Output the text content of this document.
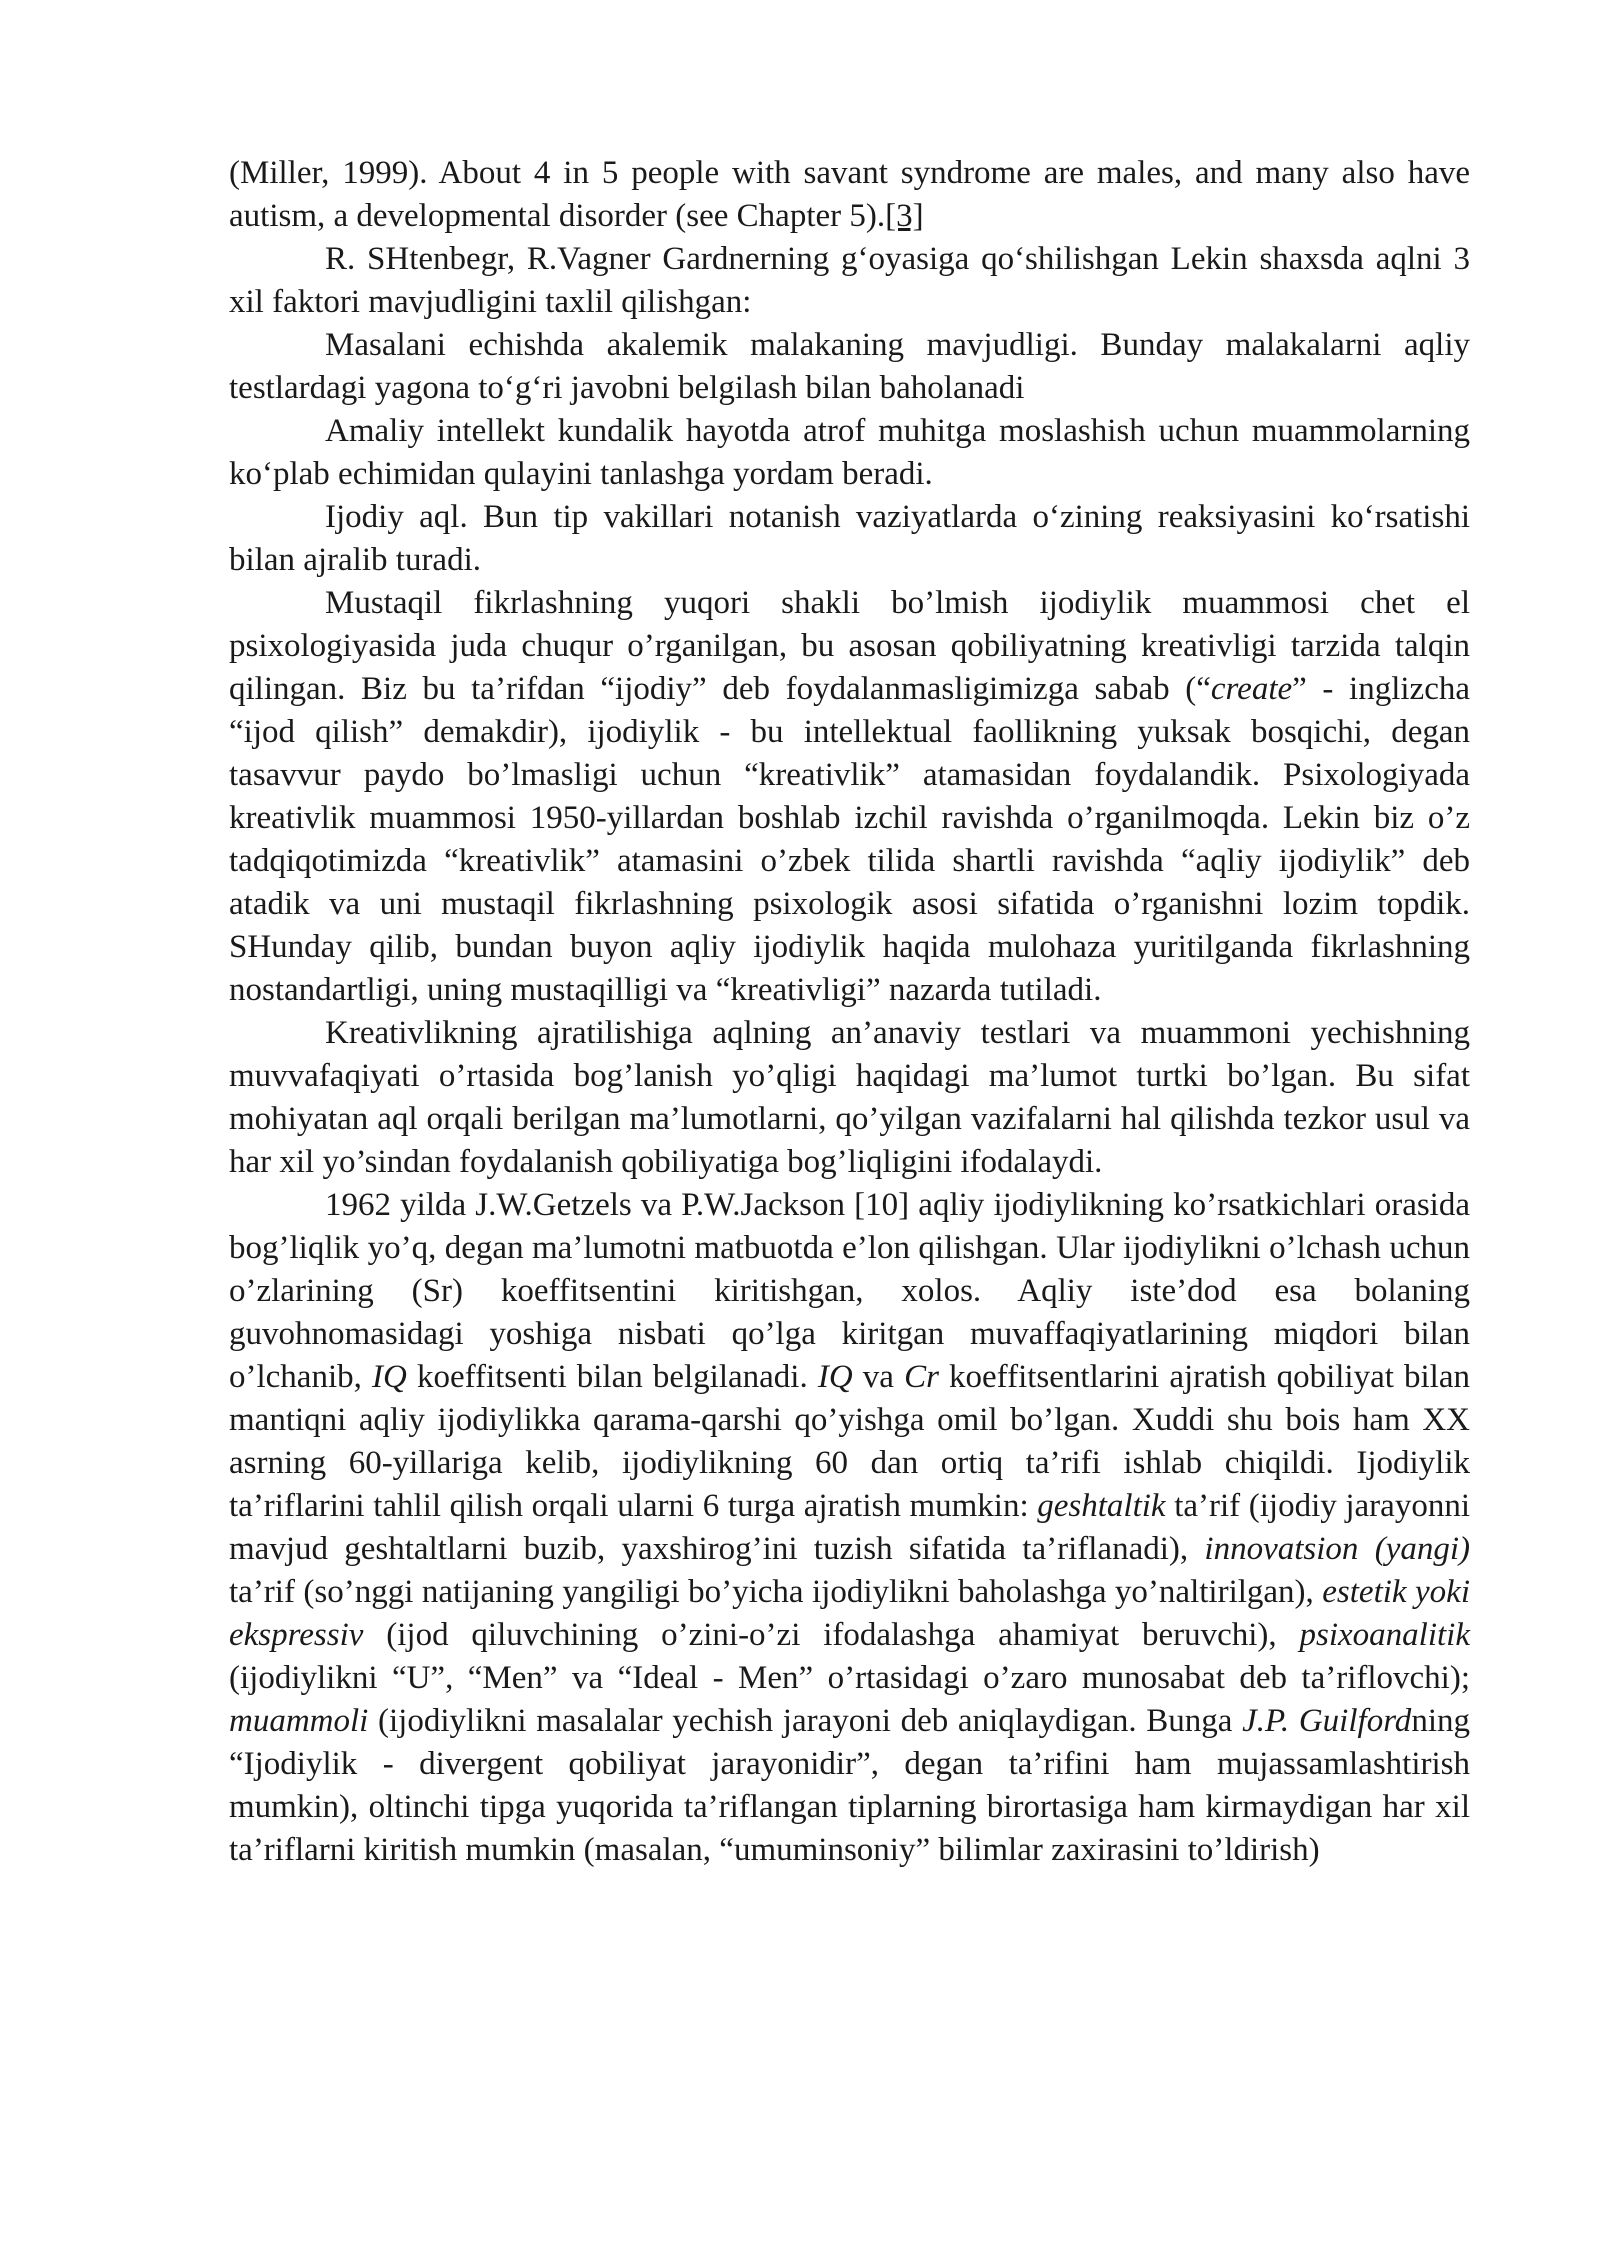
(Miller, 1999). About 4 in 5 people with savant syndrome are males, and many also have autism, a developmental disorder (see Chapter 5).[3]

R. SHtenbegr, R.Vagner Gardnerning g‘oyasiga qo‘shilishgan Lekin shaxsda aqlni 3 xil faktori mavjudligini taxlil qilishgan:

Masalani echishda akalemik malakaning mavjudligi. Bunday malakalarni aqliy testlardagi yagona to‘g‘ri javobni belgilash bilan baholanadi

Amaliy intellekt kundalik hayotda atrof muhitga moslashish uchun muammolarning ko‘plab echimidan qulayini tanlashga yordam beradi.

Ijodiy aql. Bun tip vakillari notanish vaziyatlarda o‘zining reaksiyasini ko‘rsatishi bilan ajralib turadi.

Mustaqil fikrlashning yuqori shakli bo’lmish ijodiylik muammosi chet el psixologiyasida juda chuqur o’rganilgan, bu asosan qobiliyatning kreativligi tarzida talqin qilingan. Biz bu ta’rifdan “ijodiy” deb foydalanmasligimizga sabab (“create” - inglizcha “ijod qilish” demakdir), ijodiylik - bu intellektual faollikning yuksak bosqichi, degan tasavvur paydo bo’lmasligi uchun “kreativlik” atamasidan foydalandik. Psixologiyada kreativlik muammosi 1950-yillardan boshlab izchil ravishda o’rganilmoqda. Lekin biz o’z tadqiqotimizda “kreativlik” atamasini o’zbek tilida shartli ravishda “aqliy ijodiylik” deb atadik va uni mustaqil fikrlashning psixologik asosi sifatida o’rganishni lozim topdik. SHunday qilib, bundan buyon aqliy ijodiylik haqida mulohaza yuritilganda fikrlashning nostandartligi, uning mustaqilligi va “kreativligi” nazarda tutiladi.

Kreativlikning ajratilishiga aqlning an’anaviy testlari va muammoni yechishning muvvafaqiyati o’rtasida bog’lanish yo’qligi haqidagi ma’lumot turtki bo’lgan. Bu sifat mohiyatan aql orqali berilgan ma’lumotlarni, qo’yilgan vazifalarni hal qilishda tezkor usul va har xil yo’sindan foydalanish qobiliyatiga bog’liqligini ifodalaydi.

1962 yilda J.W.Getzels va P.W.Jackson [10] aqliy ijodiylikning ko’rsatkichlari orasida bog’liqlik yo’q, degan ma’lumotni matbuotda e’lon qilishgan. Ular ijodiylikni o’lchash uchun o’zlarining (Sr) koeffitsentini kiritishgan, xolos. Aqliy iste’dod esa bolaning guvohnomasidagi yoshiga nisbati qo’lga kiritgan muvaffaqiyatlarining miqdori bilan o’lchanib, IQ koeffitsenti bilan belgilanadi. IQ va Cr koeffitsentlarini ajratish qobiliyat bilan mantiqni aqliy ijodiylikka qarama-qarshi qo’yishga omil bo’lgan. Xuddi shu bois ham XX asrning 60-yillariga kelib, ijodiylikning 60 dan ortiq ta’rifi ishlab chiqildi. Ijodiylik ta’riflarini tahlil qilish orqali ularni 6 turga ajratish mumkin: geshtaltik ta’rif (ijodiy jarayonni mavjud geshtaltlarni buzib, yaxshirog’ini tuzish sifatida ta’riflanadi), innovatsion (yangi) ta’rif (so’nggi natijaning yangiligi bo’yicha ijodiylikni baholashga yo’naltirilgan), estetik yoki ekspressiv (ijod qiluvchining o’zini-o’zi ifodalashga ahamiyat beruvchi), psixoanalitik (ijodiylikni “U”, “Men” va “Ideal - Men” o’rtasidagi o’zaro munosabat deb ta’riflovchi); muammoli (ijodiylikni masalalar yechish jarayoni deb aniqlaydigan. Bunga J.P. Guilfordning “Ijodiylik - divergent qobiliyat jarayonidir”, degan ta’rifini ham mujassamlashtirish mumkin), oltinchi tipga yuqorida ta’riflangan tiplarning birortasiga ham kirmaydigan har xil ta’riflarni kiritish mumkin (masalan, “umuminsoniy” bilimlar zaxirasini to’ldirish)
